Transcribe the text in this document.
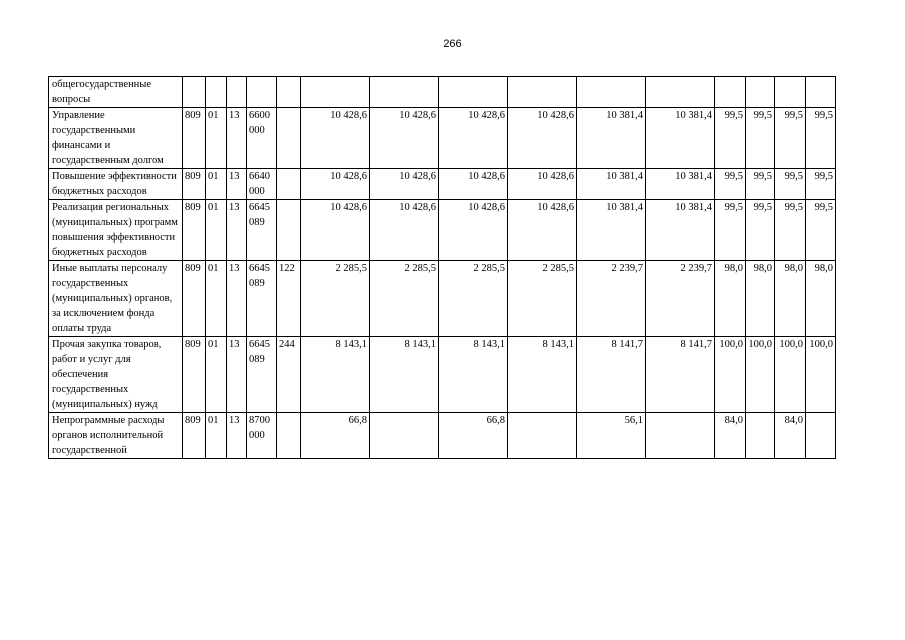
266
общегосударственные вопросы															
Управление государственными финансами и государственным долгом	809	01	13	6600 000		10 428,6	10 428,6	10 428,6	10 428,6	10 381,4	10 381,4	99,5	99,5	99,5	99,5
Повышение эффективности бюджетных расходов	809	01	13	6640 000		10 428,6	10 428,6	10 428,6	10 428,6	10 381,4	10 381,4	99,5	99,5	99,5	99,5
Реализация региональных (муниципальных) программ повышения эффективности бюджетных расходов	809	01	13	6645 089		10 428,6	10 428,6	10 428,6	10 428,6	10 381,4	10 381,4	99,5	99,5	99,5	99,5
Иные выплаты персоналу государственных (муниципальных) органов, за исключением фонда оплаты труда	809	01	13	6645 089	122	2 285,5	2 285,5	2 285,5	2 285,5	2 239,7	2 239,7	98,0	98,0	98,0	98,0
Прочая закупка товаров, работ и услуг для обеспечения государственных (муниципальных) нужд	809	01	13	6645 089	244	8 143,1	8 143,1	8 143,1	8 143,1	8 141,7	8 141,7	100,0	100,0	100,0	100,0
Непрограммные расходы органов исполнительной государственной	809	01	13	8700 000		66,8		66,8		56,1		84,0		84,0	
